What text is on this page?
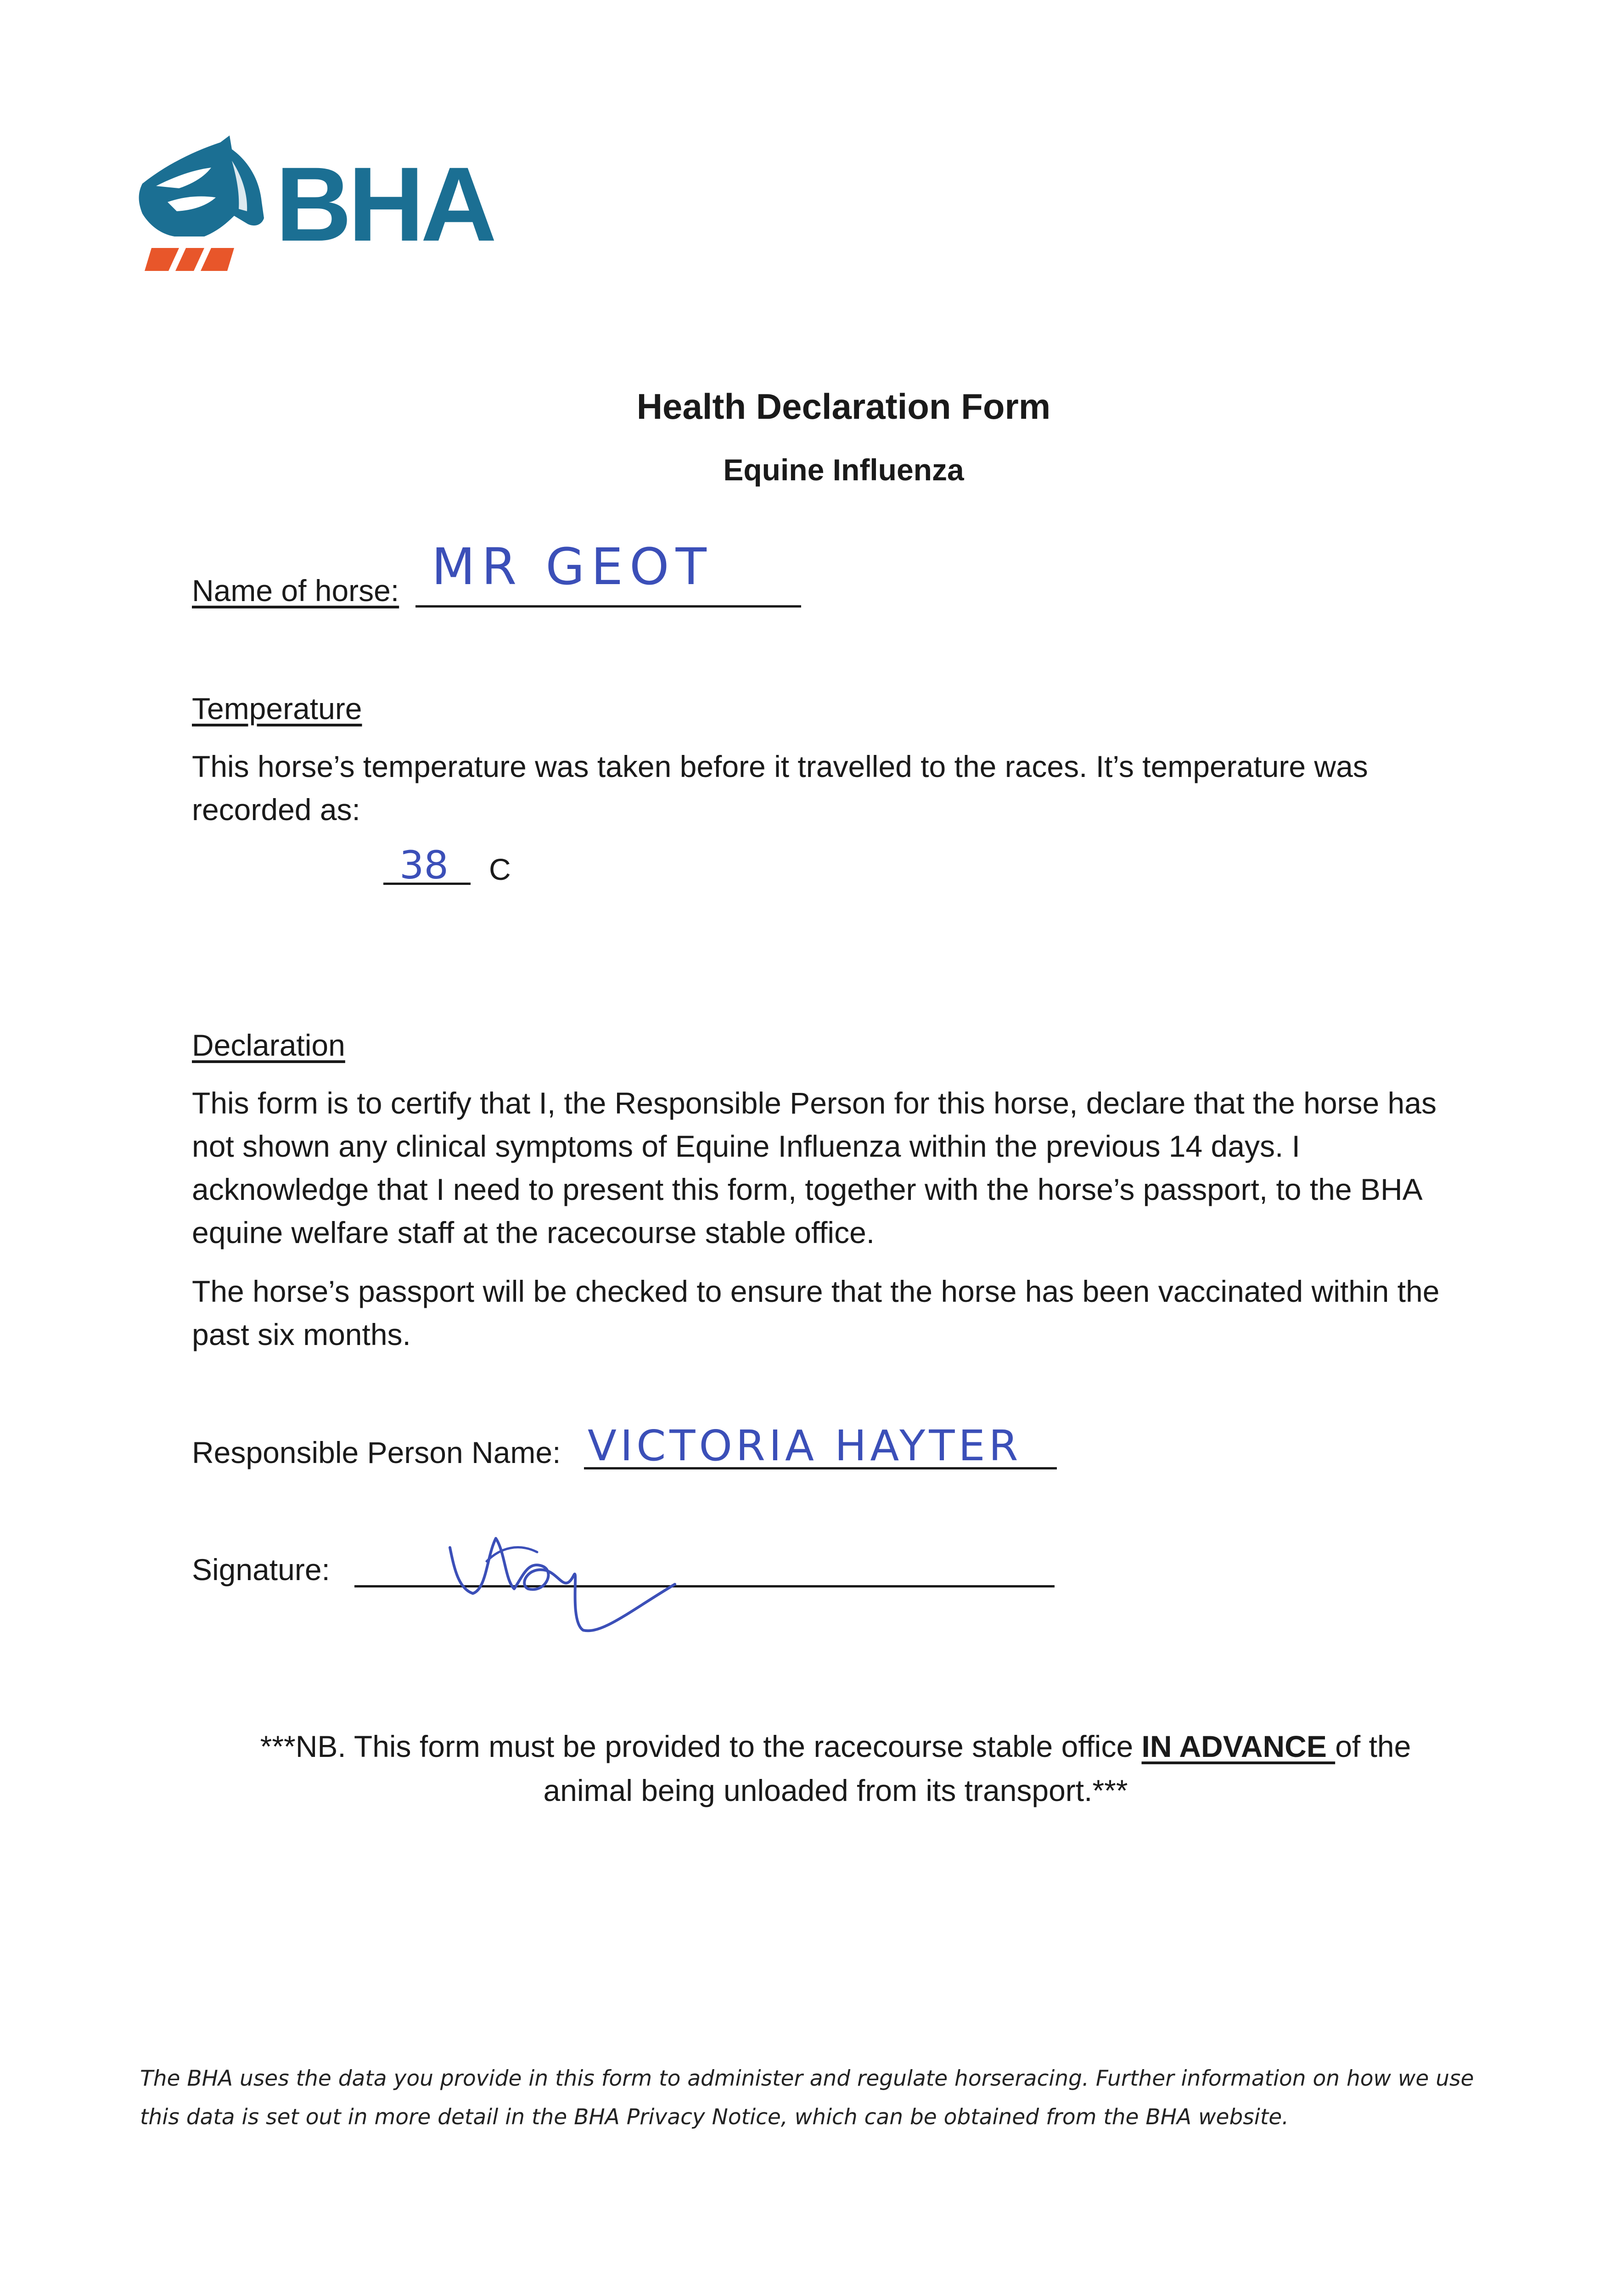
BHA
Health Declaration Form
Equine Influenza
Name of horse: MR GEOT
Temperature
This horse’s temperature was taken before it travelled to the races. It’s temperature was recorded as:
38 C
Declaration
This form is to certify that I, the Responsible Person for this horse, declare that the horse has not shown any clinical symptoms of Equine Influenza within the previous 14 days. I acknowledge that I need to present this form, together with the horse’s passport, to the BHA equine welfare staff at the racecourse stable office.
The horse’s passport will be checked to ensure that the horse has been vaccinated within the past six months.
Responsible Person Name: VICTORIA HAYTER
Signature:
***NB. This form must be provided to the racecourse stable office IN ADVANCE of the animal being unloaded from its transport.***
The BHA uses the data you provide in this form to administer and regulate horseracing. Further information on how we use this data is set out in more detail in the BHA Privacy Notice, which can be obtained from the BHA website.
